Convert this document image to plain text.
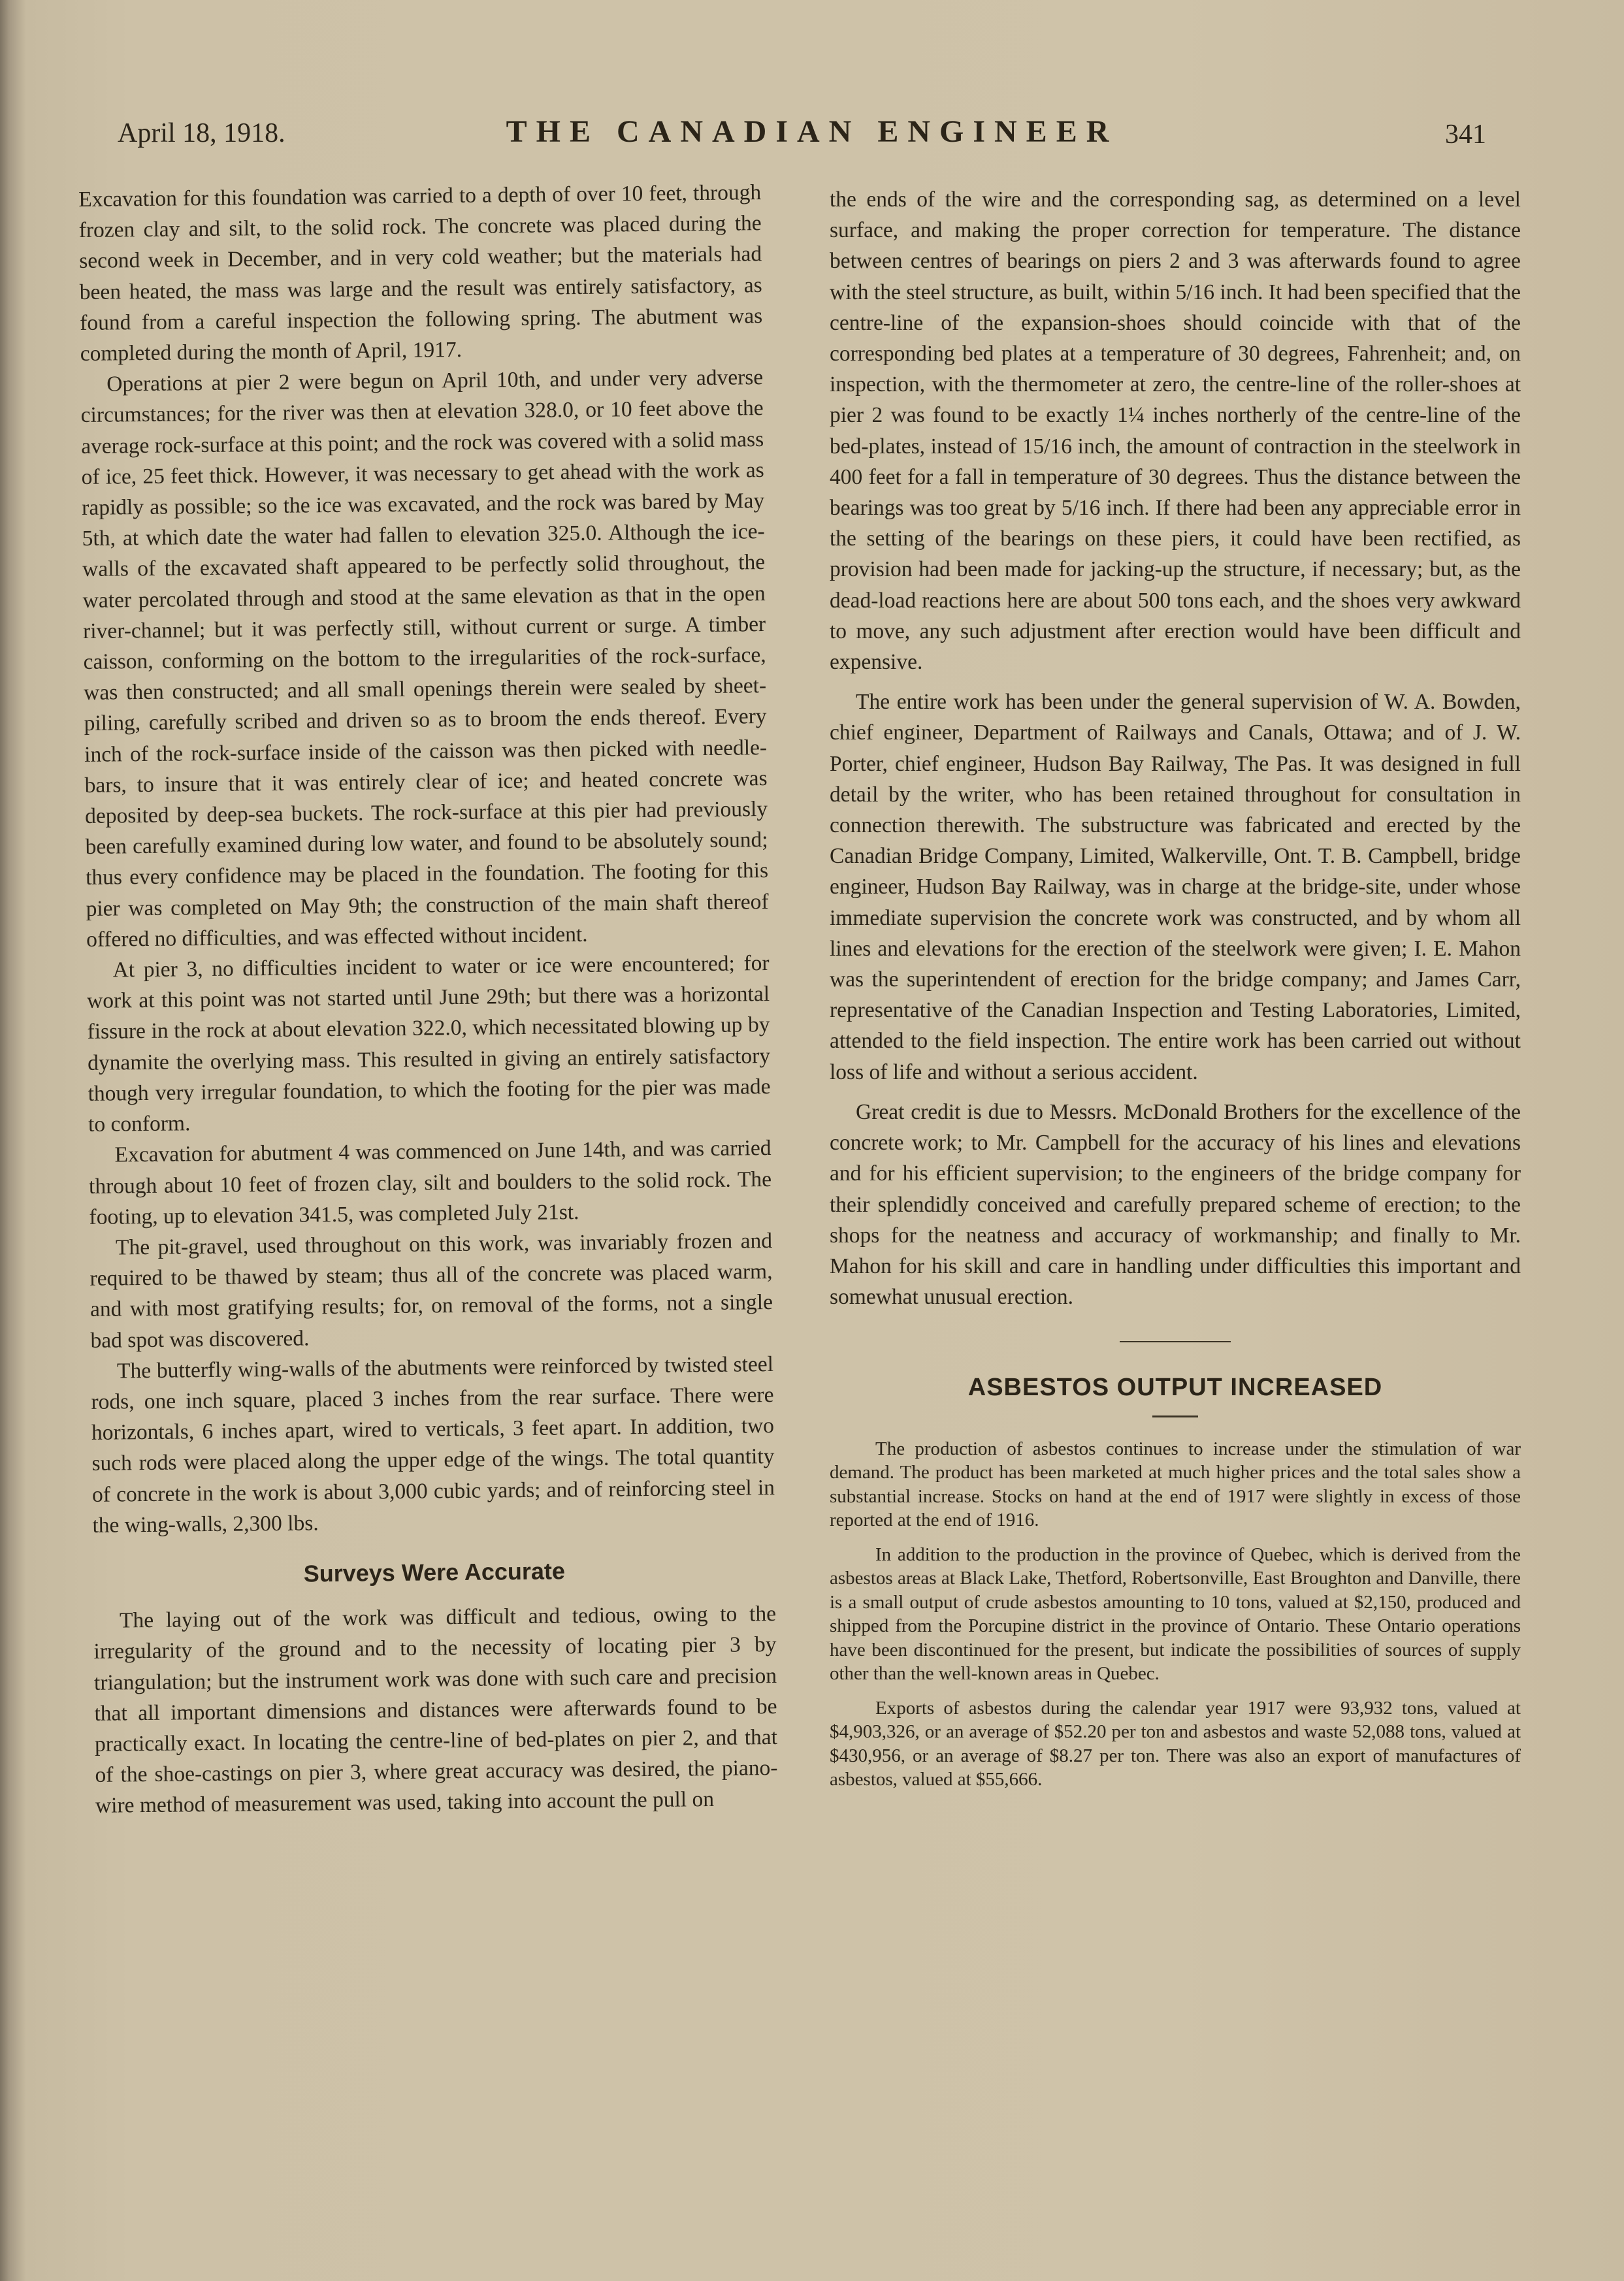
April 18, 1918.	THE CANADIAN ENGINEER	341

Excavation for this foundation was carried to a depth of over 10 feet, through frozen clay and silt, to the solid rock. The concrete was placed during the second week in December, and in very cold weather; but the materials had been heated, the mass was large and the result was entirely satisfactory, as found from a careful inspection the following spring. The abutment was completed during the month of April, 1917.

Operations at pier 2 were begun on April 10th, and under very adverse circumstances; for the river was then at elevation 328.0, or 10 feet above the average rock-surface at this point; and the rock was covered with a solid mass of ice, 25 feet thick. However, it was necessary to get ahead with the work as rapidly as possible; so the ice was excavated, and the rock was bared by May 5th, at which date the water had fallen to elevation 325.0. Although the ice-walls of the excavated shaft appeared to be perfectly solid throughout, the water percolated through and stood at the same elevation as that in the open river-channel; but it was perfectly still, without current or surge. A timber caisson, conforming on the bottom to the irregularities of the rock-surface, was then constructed; and all small openings therein were sealed by sheet-piling, carefully scribed and driven so as to broom the ends thereof. Every inch of the rock-surface inside of the caisson was then picked with needle-bars, to insure that it was entirely clear of ice; and heated concrete was deposited by deep-sea buckets. The rock-surface at this pier had previously been carefully examined during low water, and found to be absolutely sound; thus every confidence may be placed in the foundation. The footing for this pier was completed on May 9th; the construction of the main shaft thereof offered no difficulties, and was effected without incident.

At pier 3, no difficulties incident to water or ice were encountered; for work at this point was not started until June 29th; but there was a horizontal fissure in the rock at about elevation 322.0, which necessitated blowing up by dynamite the overlying mass. This resulted in giving an entirely satisfactory though very irregular foundation, to which the footing for the pier was made to conform.

Excavation for abutment 4 was commenced on June 14th, and was carried through about 10 feet of frozen clay, silt and boulders to the solid rock. The footing, up to elevation 341.5, was completed July 21st.

The pit-gravel, used throughout on this work, was invariably frozen and required to be thawed by steam; thus all of the concrete was placed warm, and with most gratifying results; for, on removal of the forms, not a single bad spot was discovered.

The butterfly wing-walls of the abutments were reinforced by twisted steel rods, one inch square, placed 3 inches from the rear surface. There were horizontals, 6 inches apart, wired to verticals, 3 feet apart. In addition, two such rods were placed along the upper edge of the wings. The total quantity of concrete in the work is about 3,000 cubic yards; and of reinforcing steel in the wing-walls, 2,300 lbs.

Surveys Were Accurate

The laying out of the work was difficult and tedious, owing to the irregularity of the ground and to the necessity of locating pier 3 by triangulation; but the instrument work was done with such care and precision that all important dimensions and distances were afterwards found to be practically exact. In locating the centre-line of bed-plates on pier 2, and that of the shoe-castings on pier 3, where great accuracy was desired, the piano-wire method of measurement was used, taking into account the pull on

the ends of the wire and the corresponding sag, as determined on a level surface, and making the proper correction for temperature. The distance between centres of bearings on piers 2 and 3 was afterwards found to agree with the steel structure, as built, within 5/16 inch. It had been specified that the centre-line of the expansion-shoes should coincide with that of the corresponding bed plates at a temperature of 30 degrees, Fahrenheit; and, on inspection, with the thermometer at zero, the centre-line of the roller-shoes at pier 2 was found to be exactly 1¼ inches northerly of the centre-line of the bed-plates, instead of 15/16 inch, the amount of contraction in the steelwork in 400 feet for a fall in temperature of 30 degrees. Thus the distance between the bearings was too great by 5/16 inch. If there had been any appreciable error in the setting of the bearings on these piers, it could have been rectified, as provision had been made for jacking-up the structure, if necessary; but, as the dead-load reactions here are about 500 tons each, and the shoes very awkward to move, any such adjustment after erection would have been difficult and expensive.

The entire work has been under the general supervision of W. A. Bowden, chief engineer, Department of Railways and Canals, Ottawa; and of J. W. Porter, chief engineer, Hudson Bay Railway, The Pas. It was designed in full detail by the writer, who has been retained throughout for consultation in connection therewith. The substructure was fabricated and erected by the Canadian Bridge Company, Limited, Walkerville, Ont. T. B. Campbell, bridge engineer, Hudson Bay Railway, was in charge at the bridge-site, under whose immediate supervision the concrete work was constructed, and by whom all lines and elevations for the erection of the steelwork were given; I. E. Mahon was the superintendent of erection for the bridge company; and James Carr, representative of the Canadian Inspection and Testing Laboratories, Limited, attended to the field inspection. The entire work has been carried out without loss of life and without a serious accident.

Great credit is due to Messrs. McDonald Brothers for the excellence of the concrete work; to Mr. Campbell for the accuracy of his lines and elevations and for his efficient supervision; to the engineers of the bridge company for their splendidly conceived and carefully prepared scheme of erection; to the shops for the neatness and accuracy of workmanship; and finally to Mr. Mahon for his skill and care in handling under difficulties this important and somewhat unusual erection.

ASBESTOS OUTPUT INCREASED

The production of asbestos continues to increase under the stimulation of war demand. The product has been marketed at much higher prices and the total sales show a substantial increase. Stocks on hand at the end of 1917 were slightly in excess of those reported at the end of 1916.

In addition to the production in the province of Quebec, which is derived from the asbestos areas at Black Lake, Thetford, Robertsonville, East Broughton and Danville, there is a small output of crude asbestos amounting to 10 tons, valued at $2,150, produced and shipped from the Porcupine district in the province of Ontario. These Ontario operations have been discontinued for the present, but indicate the possibilities of sources of supply other than the well-known areas in Quebec.

Exports of asbestos during the calendar year 1917 were 93,932 tons, valued at $4,903,326, or an average of $52.20 per ton and asbestos and waste 52,088 tons, valued at $430,956, or an average of $8.27 per ton. There was also an export of manufactures of asbestos, valued at $55,666.
